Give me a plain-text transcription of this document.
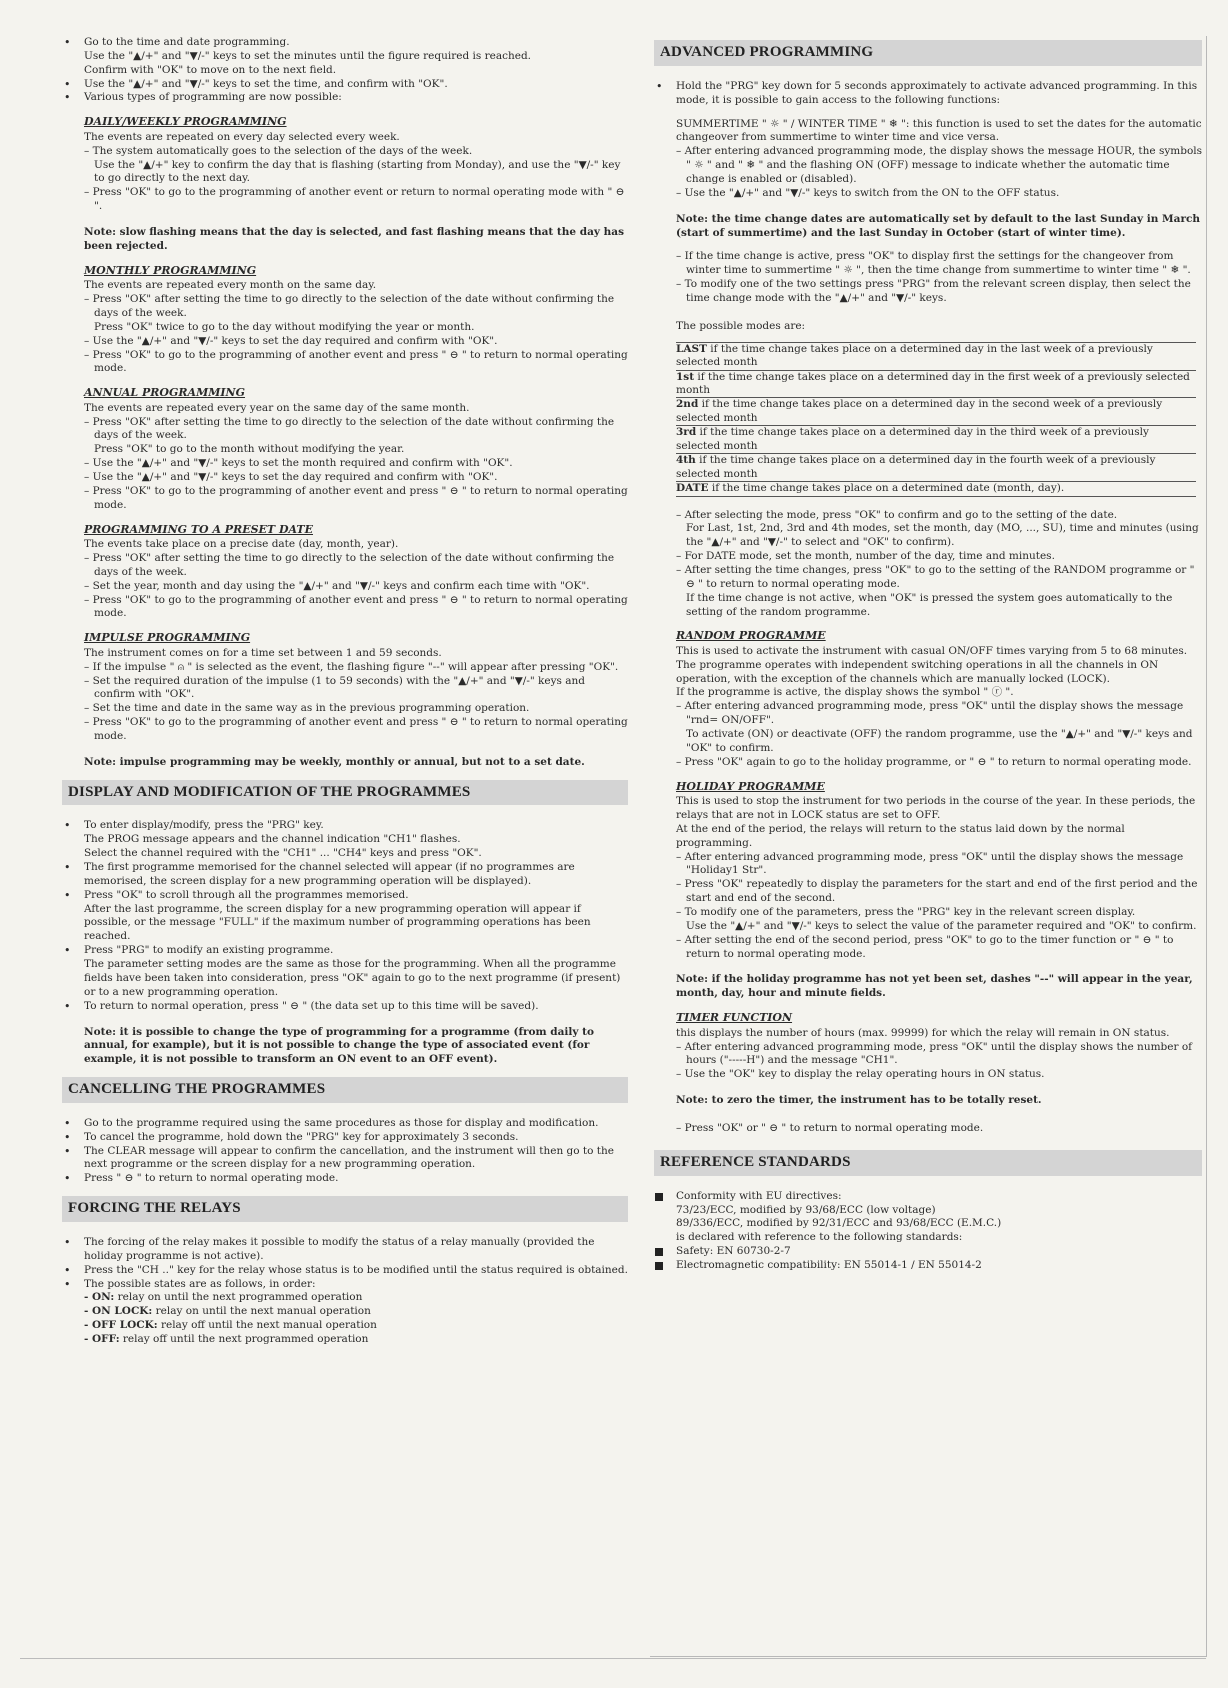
• Go to the time and date programming.
Use the "▲/+" and "▼/-" keys to set the minutes until the figure required is reached.
Confirm with "OK" to move on to the next field.
• Use the "▲/+" and "▼/-" keys to set the time, and confirm with "OK".
• Various types of programming are now possible:
DAILY/WEEKLY PROGRAMMING
The events are repeated on every day selected every week.
– The system automatically goes to the selection of the days of the week.
Use the "▲/+" key to confirm the day that is flashing (starting from Monday), and use the "▼/-" key to go directly to the next day.
– Press "OK" to go to the programming of another event or return to normal operating mode with " ⊖ ".
Note: slow flashing means that the day is selected, and fast flashing means that the day has been rejected.
MONTHLY PROGRAMMING
The events are repeated every month on the same day.
– Press "OK" after setting the time to go directly to the selection of the date without confirming the days of the week.
Press "OK" twice to go to the day without modifying the year or month.
– Use the "▲/+" and "▼/-" keys to set the day required and confirm with "OK".
– Press "OK" to go to the programming of another event and press " ⊖ " to return to normal operating mode.
ANNUAL PROGRAMMING
The events are repeated every year on the same day of the same month.
– Press "OK" after setting the time to go directly to the selection of the date without confirming the days of the week.
Press "OK" to go to the month without modifying the year.
– Use the "▲/+" and "▼/-" keys to set the month required and confirm with "OK".
– Use the "▲/+" and "▼/-" keys to set the day required and confirm with "OK".
– Press "OK" to go to the programming of another event and press " ⊖ " to return to normal operating mode.
PROGRAMMING TO A PRESET DATE
The events take place on a precise date (day, month, year).
– Press "OK" after setting the time to go directly to the selection of the date without confirming the days of the week.
– Set the year, month and day using the "▲/+" and "▼/-" keys and confirm each time with "OK".
– Press "OK" to go to the programming of another event and press " ⊖ " to return to normal operating mode.
IMPULSE PROGRAMMING
The instrument comes on for a time set between 1 and 59 seconds.
– If the impulse " ⍝ " is selected as the event, the flashing figure "--" will appear after pressing "OK".
– Set the required duration of the impulse (1 to 59 seconds) with the "▲/+" and "▼/-" keys and confirm with "OK".
– Set the time and date in the same way as in the previous programming operation.
– Press "OK" to go to the programming of another event and press " ⊖ " to return to normal operating mode.
Note: impulse programming may be weekly, monthly or annual, but not to a set date.
DISPLAY AND MODIFICATION OF THE PROGRAMMES
• To enter display/modify, press the "PRG" key.
The PROG message appears and the channel indication "CH1" flashes.
Select the channel required with the "CH1" ... "CH4" keys and press "OK".
• The first programme memorised for the channel selected will appear (if no programmes are memorised, the screen display for a new programming operation will be displayed).
• Press "OK" to scroll through all the programmes memorised.
After the last programme, the screen display for a new programming operation will appear if possible, or the message "FULL" if the maximum number of programming operations has been reached.
• Press "PRG" to modify an existing programme.
The parameter setting modes are the same as those for the programming. When all the programme fields have been taken into consideration, press "OK" again to go to the next programme (if present) or to a new programming operation.
• To return to normal operation, press " ⊖ " (the data set up to this time will be saved).
Note: it is possible to change the type of programming for a programme (from daily to annual, for example), but it is not possible to change the type of associated event (for example, it is not possible to transform an ON event to an OFF event).
CANCELLING THE PROGRAMMES
• Go to the programme required using the same procedures as those for display and modification.
• To cancel the programme, hold down the "PRG" key for approximately 3 seconds.
• The CLEAR message will appear to confirm the cancellation, and the instrument will then go to the next programme or the screen display for a new programming operation.
• Press " ⊖ " to return to normal operating mode.
FORCING THE RELAYS
• The forcing of the relay makes it possible to modify the status of a relay manually (provided the holiday programme is not active).
• Press the "CH .." key for the relay whose status is to be modified until the status required is obtained.
• The possible states are as follows, in order:
- ON: relay on until the next programmed operation
- ON LOCK: relay on until the next manual operation
- OFF LOCK: relay off until the next manual operation
- OFF: relay off until the next programmed operation
ADVANCED PROGRAMMING
• Hold the "PRG" key down for 5 seconds approximately to activate advanced programming. In this mode, it is possible to gain access to the following functions:
SUMMERTIME " ☼ " / WINTER TIME " ❄ ": this function is used to set the dates for the automatic changeover from summertime to winter time and vice versa.
– After entering advanced programming mode, the display shows the message HOUR, the symbols " ☼ " and " ❄ " and the flashing ON (OFF) message to indicate whether the automatic time change is enabled or (disabled).
– Use the "▲/+" and "▼/-" keys to switch from the ON to the OFF status.
Note: the time change dates are automatically set by default to the last Sunday in March (start of summertime) and the last Sunday in October (start of winter time).
– If the time change is active, press "OK" to display first the settings for the changeover from winter time to summertime " ☼ ", then the time change from summertime to winter time " ❄ ".
– To modify one of the two settings press "PRG" from the relevant screen display, then select the time change mode with the "▲/+" and "▼/-" keys.
The possible modes are:
LAST if the time change takes place on a determined day in the last week of a previously selected month
1st if the time change takes place on a determined day in the first week of a previously selected month
2nd if the time change takes place on a determined day in the second week of a previously selected month
3rd if the time change takes place on a determined day in the third week of a previously selected month
4th if the time change takes place on a determined day in the fourth week of a previously selected month
DATE if the time change takes place on a determined date (month, day).
– After selecting the mode, press "OK" to confirm and go to the setting of the date.
For Last, 1st, 2nd, 3rd and 4th modes, set the month, day (MO, ..., SU), time and minutes (using the "▲/+" and "▼/-" to select and "OK" to confirm).
– For DATE mode, set the month, number of the day, time and minutes.
– After setting the time changes, press "OK" to go to the setting of the RANDOM programme or " ⊖ " to return to normal operating mode.
If the time change is not active, when "OK" is pressed the system goes automatically to the setting of the random programme.
RANDOM PROGRAMME
This is used to activate the instrument with casual ON/OFF times varying from 5 to 68 minutes. The programme operates with independent switching operations in all the channels in ON operation, with the exception of the channels which are manually locked (LOCK).
If the programme is active, the display shows the symbol " ⓡ ".
– After entering advanced programming mode, press "OK" until the display shows the message "rnd= ON/OFF".
To activate (ON) or deactivate (OFF) the random programme, use the "▲/+" and "▼/-" keys and "OK" to confirm.
– Press "OK" again to go to the holiday programme, or " ⊖ " to return to normal operating mode.
HOLIDAY PROGRAMME
This is used to stop the instrument for two periods in the course of the year. In these periods, the relays that are not in LOCK status are set to OFF.
At the end of the period, the relays will return to the status laid down by the normal programming.
– After entering advanced programming mode, press "OK" until the display shows the message "Holiday1 Str".
– Press "OK" repeatedly to display the parameters for the start and end of the first period and the start and end of the second.
– To modify one of the parameters, press the "PRG" key in the relevant screen display.
Use the "▲/+" and "▼/-" keys to select the value of the parameter required and "OK" to confirm.
– After setting the end of the second period, press "OK" to go to the timer function or " ⊖ " to return to normal operating mode.
Note: if the holiday programme has not yet been set, dashes "--" will appear in the year, month, day, hour and minute fields.
TIMER FUNCTION
this displays the number of hours (max. 99999) for which the relay will remain in ON status.
– After entering advanced programming mode, press "OK" until the display shows the number of hours ("-----H") and the message "CH1".
– Use the "OK" key to display the relay operating hours in ON status.
Note: to zero the timer, the instrument has to be totally reset.
– Press "OK" or " ⊖ " to return to normal operating mode.
REFERENCE STANDARDS
Conformity with EU directives:
73/23/ECC, modified by 93/68/ECC (low voltage)
89/336/ECC, modified by 92/31/ECC and 93/68/ECC (E.M.C.)
is declared with reference to the following standards:
Safety: EN 60730-2-7
Electromagnetic compatibility: EN 55014-1 / EN 55014-2
